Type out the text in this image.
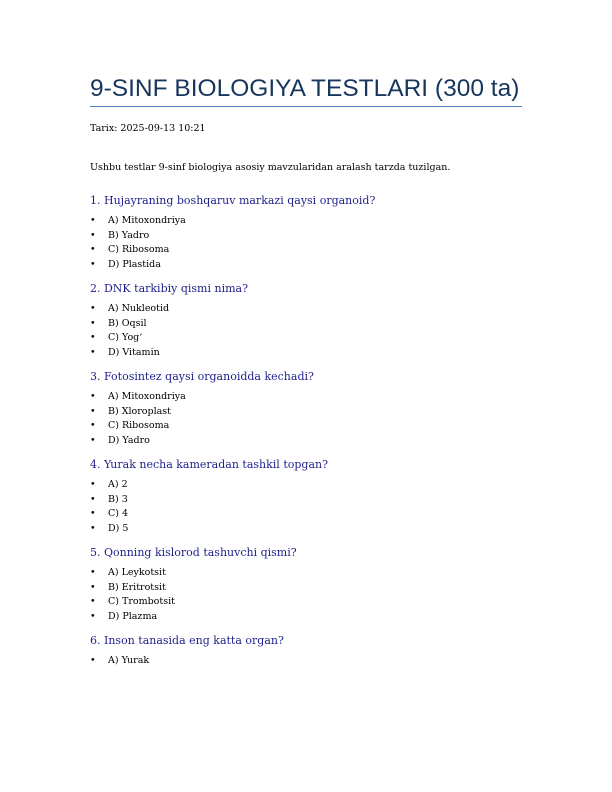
9-SINF BIOLOGIYA TESTLARI (300 ta)
Tarix: 2025-09-13 10:21
Ushbu testlar 9-sinf biologiya asosiy mavzularidan aralash tarzda tuzilgan.
1. Hujayraning boshqaruv markazi qaysi organoid?
• A) Mitoxondriya
• B) Yadro
• C) Ribosoma
• D) Plastida
2. DNK tarkibiy qismi nima?
• A) Nukleotid
• B) Oqsil
• C) Yog‘
• D) Vitamin
3. Fotosintez qaysi organoidda kechadi?
• A) Mitoxondriya
• B) Xloroplast
• C) Ribosoma
• D) Yadro
4. Yurak necha kameradan tashkil topgan?
• A) 2
• B) 3
• C) 4
• D) 5
5. Qonning kislorod tashuvchi qismi?
• A) Leykotsit
• B) Eritrotsit
• C) Trombotsit
• D) Plazma
6. Inson tanasida eng katta organ?
• A) Yurak
